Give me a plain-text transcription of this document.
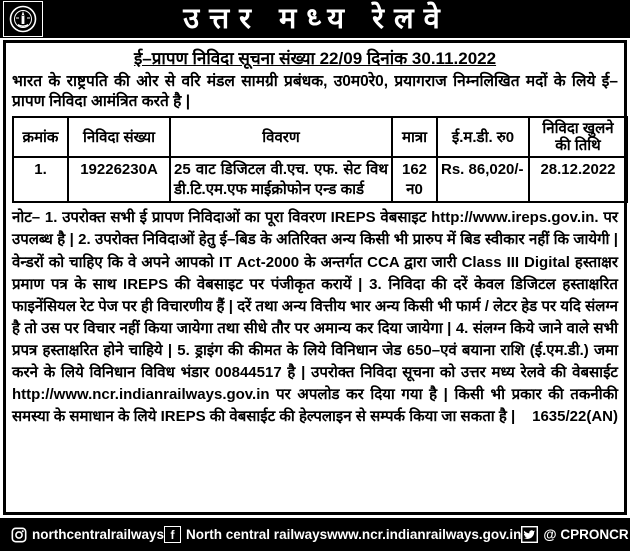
उत्तर मध्य रेलवे
ई–प्रापण निविदा सूचना संख्या 22/09 दिनांक 30.11.2022

भारत के राष्ट्रपति की ओर से वरि मंडल सामग्री प्रबंधक, उ0म0रे0, प्रयागराज निम्नलिखित मदों के लिये ई–प्रापण निविदा आमंत्रित करते है |

क्रमांक	निविदा संख्या	विवरण	मात्रा	ई.म.डी. रु0	निविदा खुलने की तिथि
1.	19226230A	25 वाट डिजिटल वी.एच. एफ. सेट विथ डी.टि.एम.एफ माईक्रोफोन एन्ड कार्ड	162 न0	Rs. 86,020/-	28.12.2022
नोट– 1. उपरोक्त सभी ई प्रापण निविदाओं का पूरा विवरण IREPS वेबसाइट http://www.ireps.gov.in. पर उपलब्ध है | 2. उपरोक्त निविदाओं हेतु ई–बिड के अतिरिक्त अन्य किसी भी प्रारुप में बिड स्वीकार नहीं कि जायेगी | वेन्डरों को चाहिए कि वे अपने आपको IT Act-2000 के अन्तर्गत CCA द्वारा जारी Class III Digital हस्ताक्षर प्रमाण पत्र के साथ IREPS की वेबसाइट पर पंजीकृत करायें | 3. निविदा की दरें केवल डिजिटल हस्ताक्षरित फाइनेंसियल रेट पेज पर ही विचारणीय हैं | दरें तथा अन्य वित्तीय भार अन्य किसी भी फार्म / लेटर हेड पर यदि संलग्न है तो उस पर विचार नहीं किया जायेगा तथा सीधे तौर पर अमान्य कर दिया जायेगा | 4. संलग्न किये जाने वाले सभी प्रपत्र हस्ताक्षरित होने चाहिये | 5. ड्राइंग की कीमत के लिये विनिधान जेड 650–एवं बयाना राशि (ई.एम.डी.) जमा करने के लिये विनिधान विविध भंडार 00844517 है | उपरोक्त निविदा सूचना को उत्तर मध्य रेलवे की वेबसाईट http://www.ncr.indianrailways.gov.in पर अपलोड कर दिया गया है | किसी भी प्रकार की तकनीकी समस्या के समाधान के लिये IREPS की वेबसाईट की हेल्पलाइन से सम्पर्क किया जा सकता है | 1635/22(AN)
northcentralrailways f North central railways www.ncr.indianrailways.gov.in @ CPRONCR
